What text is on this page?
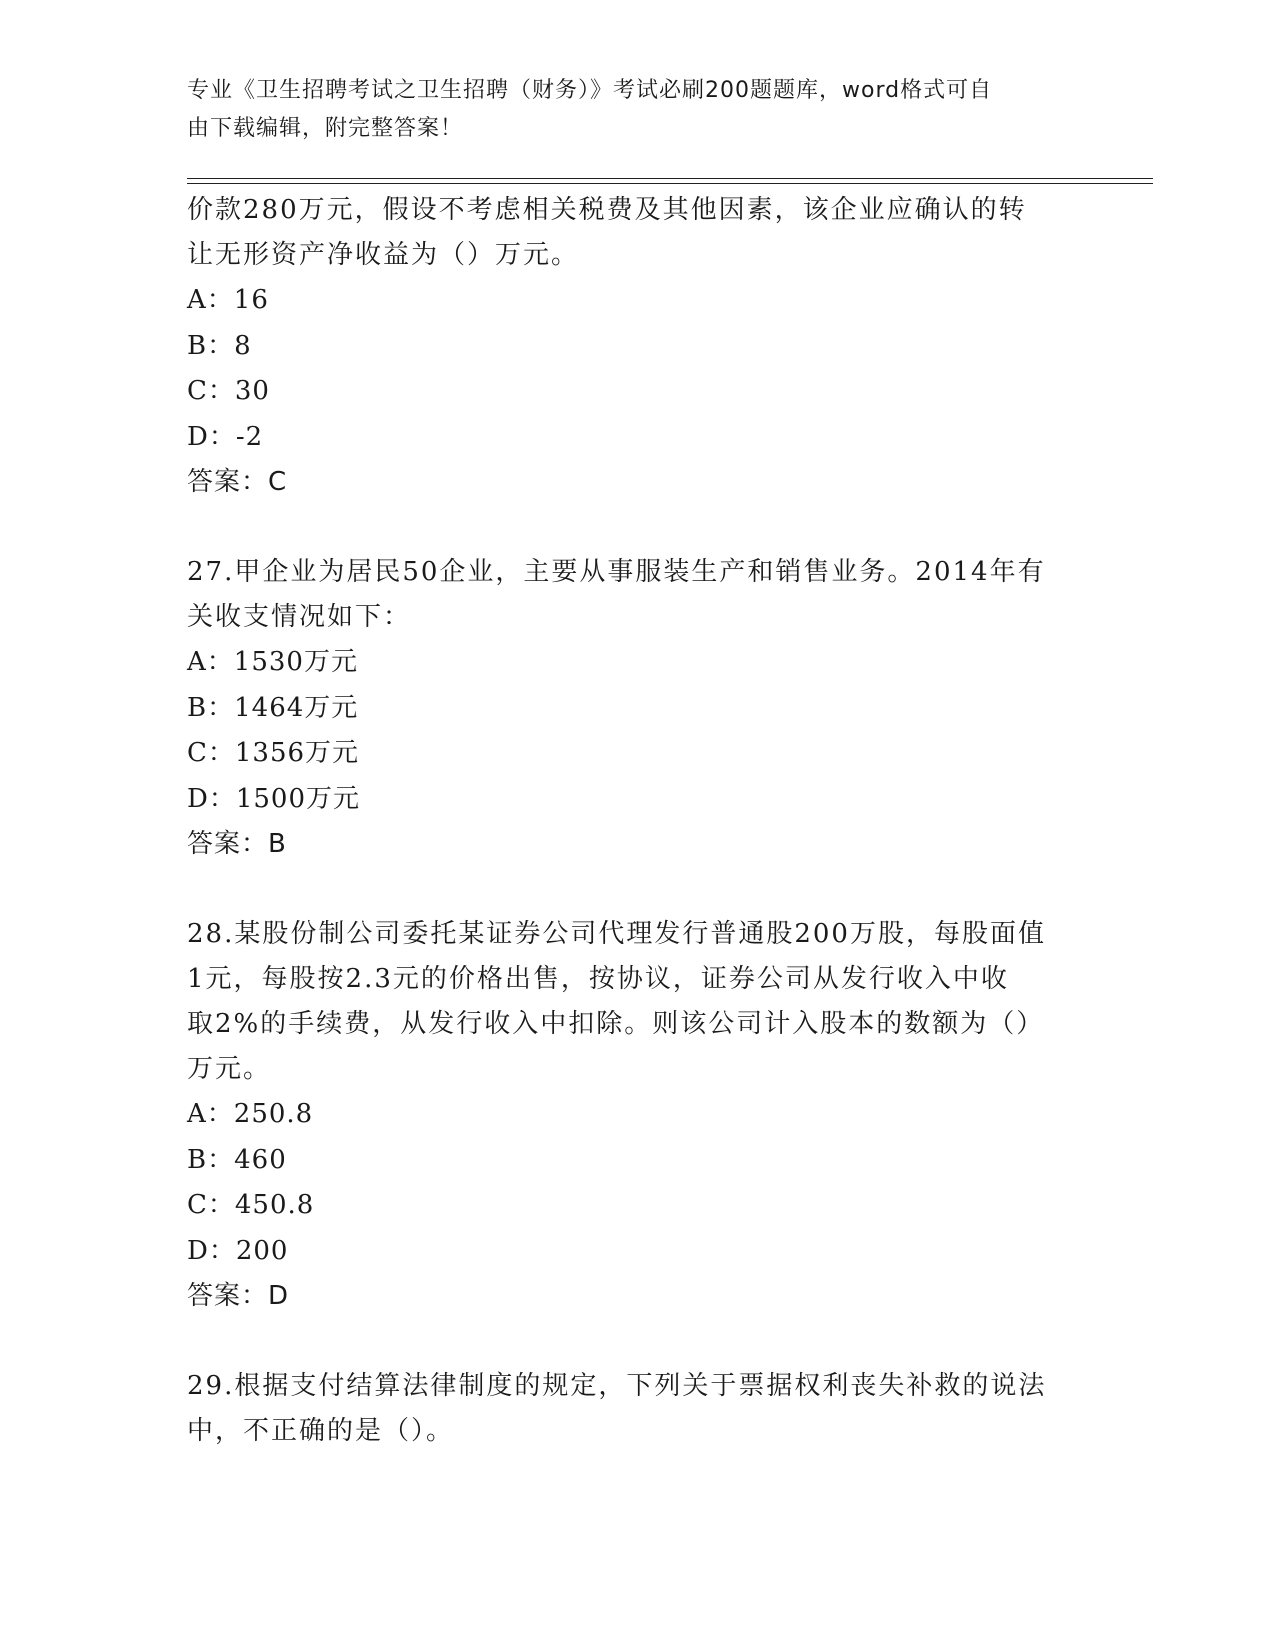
专业《卫生招聘考试之卫生招聘（财务）》考试必刷200题题库，word格式可自
由下载编辑，附完整答案！
价款280万元，假设不考虑相关税费及其他因素，该企业应确认的转
让无形资产净收益为（）万元。
A：16
B：8
C：30
D：-2
答案：C
27.甲企业为居民50企业，主要从事服装生产和销售业务。2014年有
关收支情况如下：
A：1530万元
B：1464万元
C：1356万元
D：1500万元
答案：B
28.某股份制公司委托某证券公司代理发行普通股200万股，每股面值
1元，每股按2.3元的价格出售，按协议，证券公司从发行收入中收
取2%的手续费，从发行收入中扣除。则该公司计入股本的数额为（）
万元。
A：250.8
B：460
C：450.8
D：200
答案：D
29.根据支付结算法律制度的规定，下列关于票据权利丧失补救的说法
中，不正确的是（）。
